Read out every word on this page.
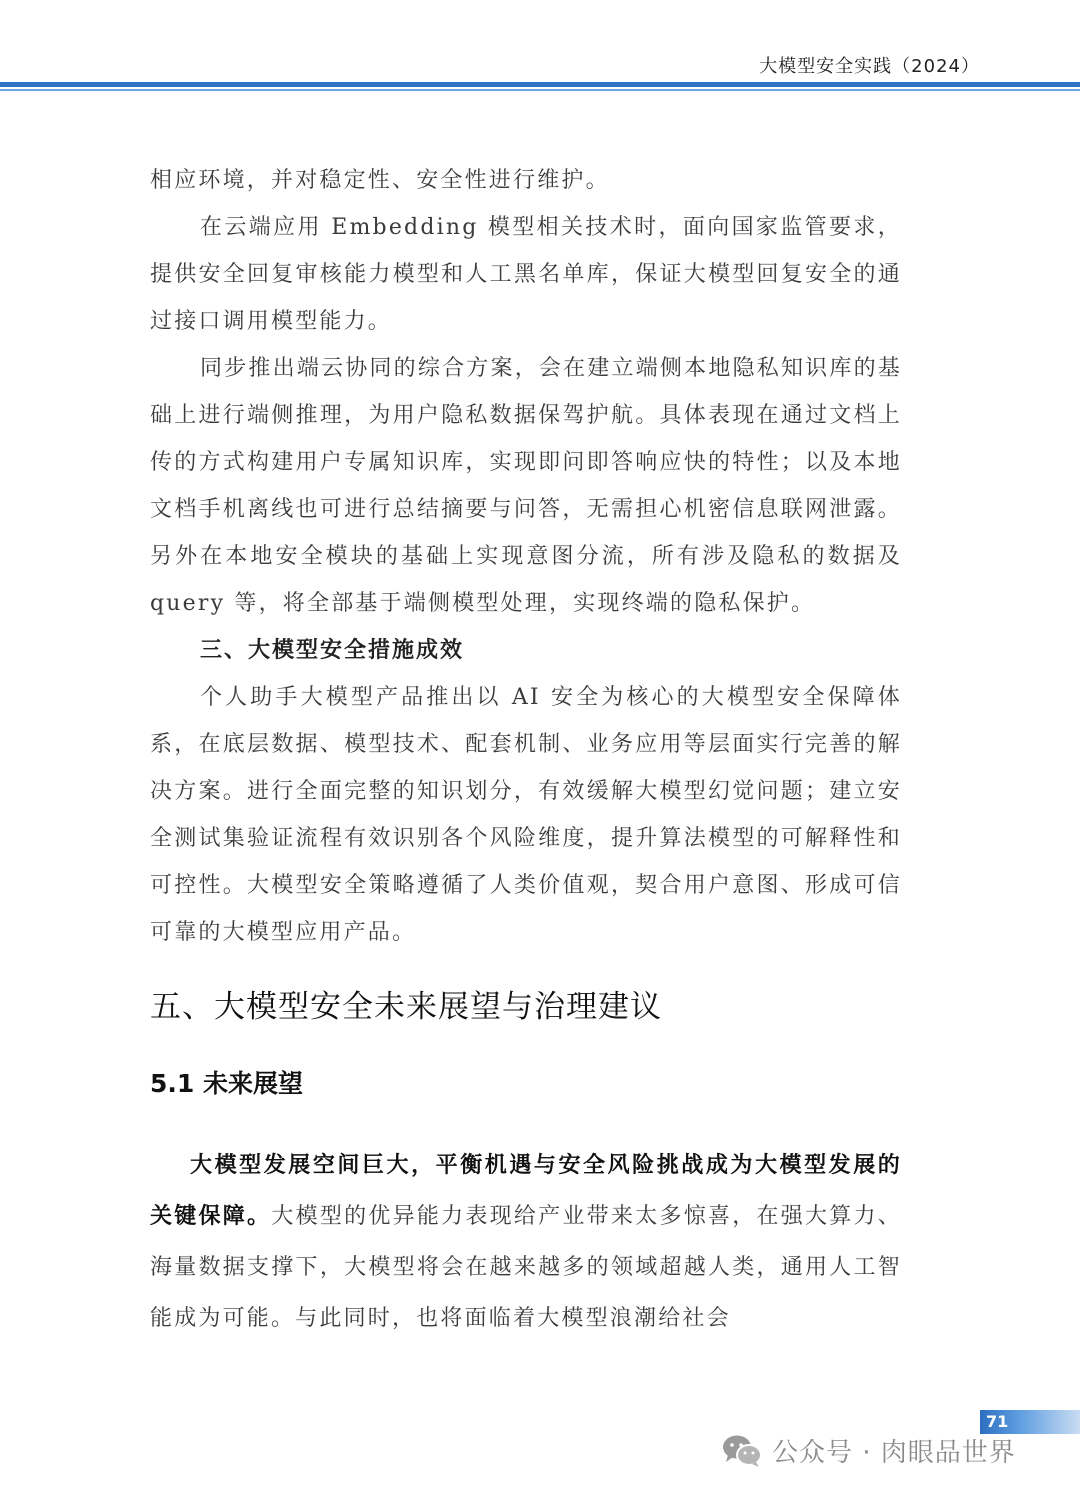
大模型安全实践（2024）

相应环境，并对稳定性、安全性进行维护。

在云端应用 Embedding 模型相关技术时，面向国家监管要求，提供安全回复审核能力模型和人工黑名单库，保证大模型回复安全的通过接口调用模型能力。

同步推出端云协同的综合方案，会在建立端侧本地隐私知识库的基础上进行端侧推理，为用户隐私数据保驾护航。具体表现在通过文档上传的方式构建用户专属知识库，实现即问即答响应快的特性；以及本地文档手机离线也可进行总结摘要与问答，无需担心机密信息联网泄露。另外在本地安全模块的基础上实现意图分流，所有涉及隐私的数据及 query 等，将全部基于端侧模型处理，实现终端的隐私保护。

三、大模型安全措施成效

个人助手大模型产品推出以 AI 安全为核心的大模型安全保障体系，在底层数据、模型技术、配套机制、业务应用等层面实行完善的解决方案。进行全面完整的知识划分，有效缓解大模型幻觉问题；建立安全测试集验证流程有效识别各个风险维度，提升算法模型的可解释性和可控性。大模型安全策略遵循了人类价值观，契合用户意图、形成可信可靠的大模型应用产品。

五、大模型安全未来展望与治理建议
5.1 未来展望

大模型发展空间巨大，平衡机遇与安全风险挑战成为大模型发展的关键保障。大模型的优异能力表现给产业带来太多惊喜，在强大算力、海量数据支撑下，大模型将会在越来越多的领域超越人类，通用人工智能成为可能。与此同时，也将面临着大模型浪潮给社会

71
公众号 · 肉眼品世界
